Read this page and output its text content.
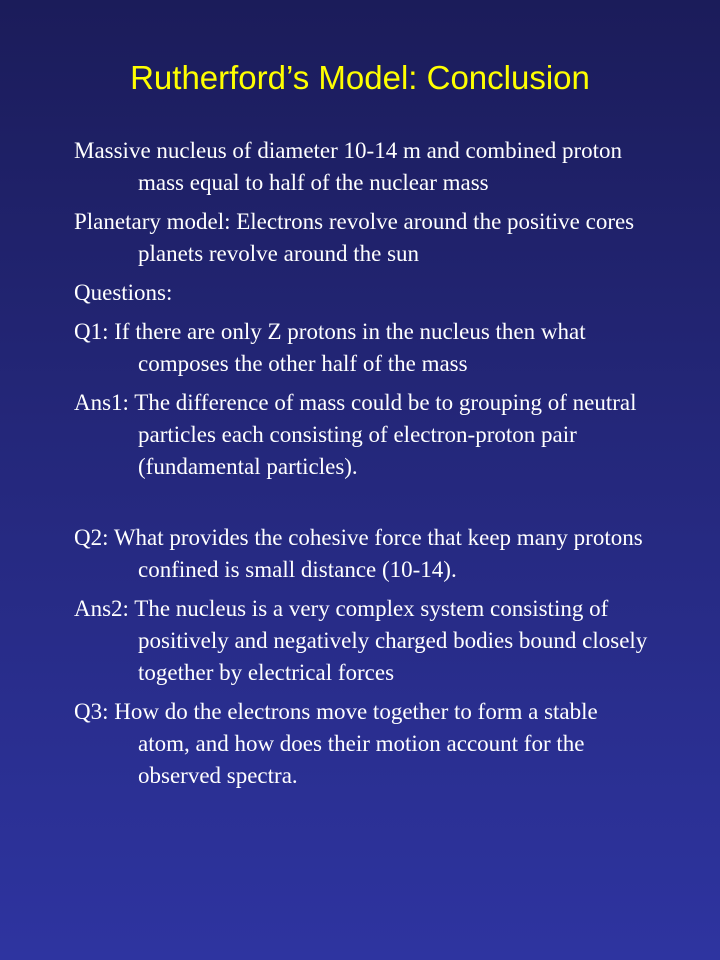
Rutherford’s Model: Conclusion
Massive nucleus of diameter 10-14 m and combined proton mass equal to half of the nuclear mass
Planetary model: Electrons revolve around the positive cores planets revolve around the sun
Questions:
Q1: If there are only Z protons in the nucleus then what composes the other half of the mass
Ans1: The difference of mass could be to grouping of neutral particles each consisting of electron-proton pair (fundamental particles).
Q2: What provides the cohesive force that keep many protons confined is small distance (10-14).
Ans2: The nucleus is a very complex system consisting of positively and negatively charged bodies bound closely together by electrical forces
Q3: How do the electrons move together to form a stable atom, and how does their motion account for the observed spectra.
